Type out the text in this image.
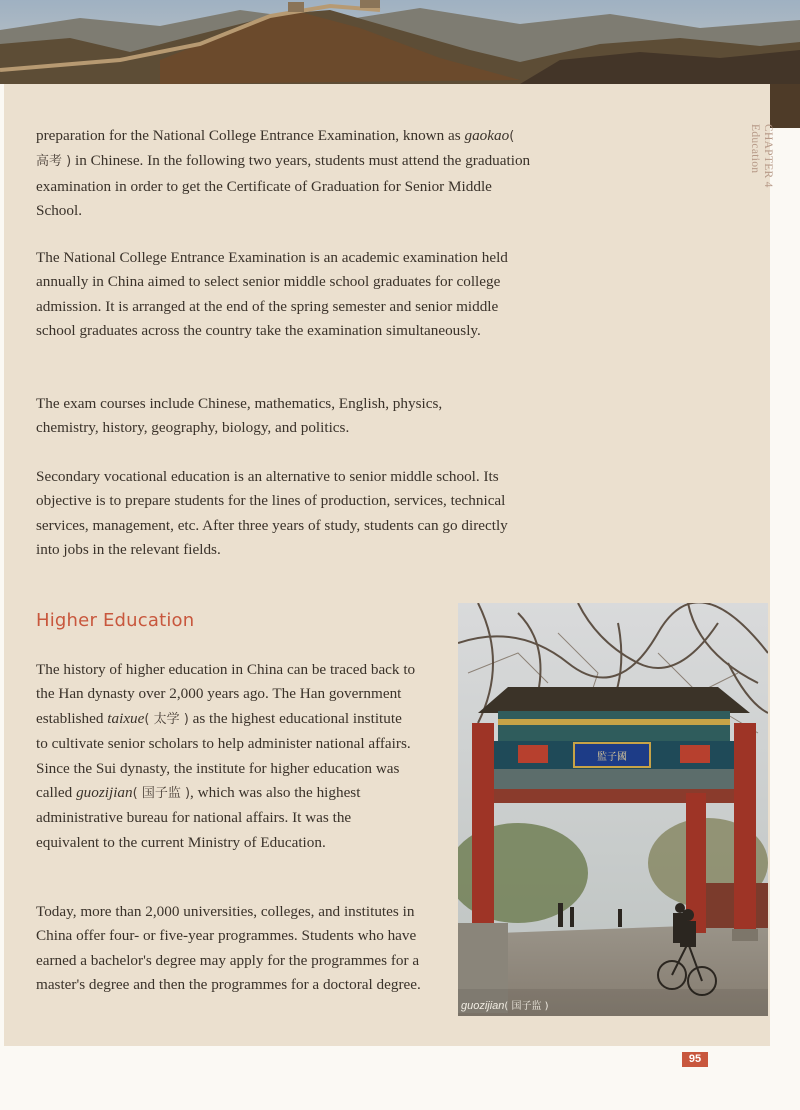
CHAPTER 4
Education

preparation for the National College Entrance Examination, known as gaokao( 高考 ) in Chinese. In the following two years, students must attend the graduation examination in order to get the Certificate of Graduation for Senior Middle School.

The National College Entrance Examination is an academic examination held annually in China aimed to select senior middle school graduates for college admission. It is arranged at the end of the spring semester and senior middle school graduates across the country take the examination simultaneously.

The exam courses include Chinese, mathematics, English, physics, chemistry, history, geography, biology, and politics.

Secondary vocational education is an alternative to senior middle school. Its objective is to prepare students for the lines of production, services, technical services, management, etc. After three years of study, students can go directly into jobs in the relevant fields.

Higher Education

The history of higher education in China can be traced back to the Han dynasty over 2,000 years ago. The Han government established taixue( 太学 ) as the highest educational institute to cultivate senior scholars to help administer national affairs. Since the Sui dynasty, the institute for higher education was called guozijian( 国子监 ), which was also the highest administrative bureau for national affairs. It was the equivalent to the current Ministry of Education.

Today, more than 2,000 universities, colleges, and institutes in China offer four- or five-year programmes. Students who have earned a bachelor's degree may apply for the programmes for a master's degree and then the programmes for a doctoral degree.

監子國
guozijian( 国子监 )
95
